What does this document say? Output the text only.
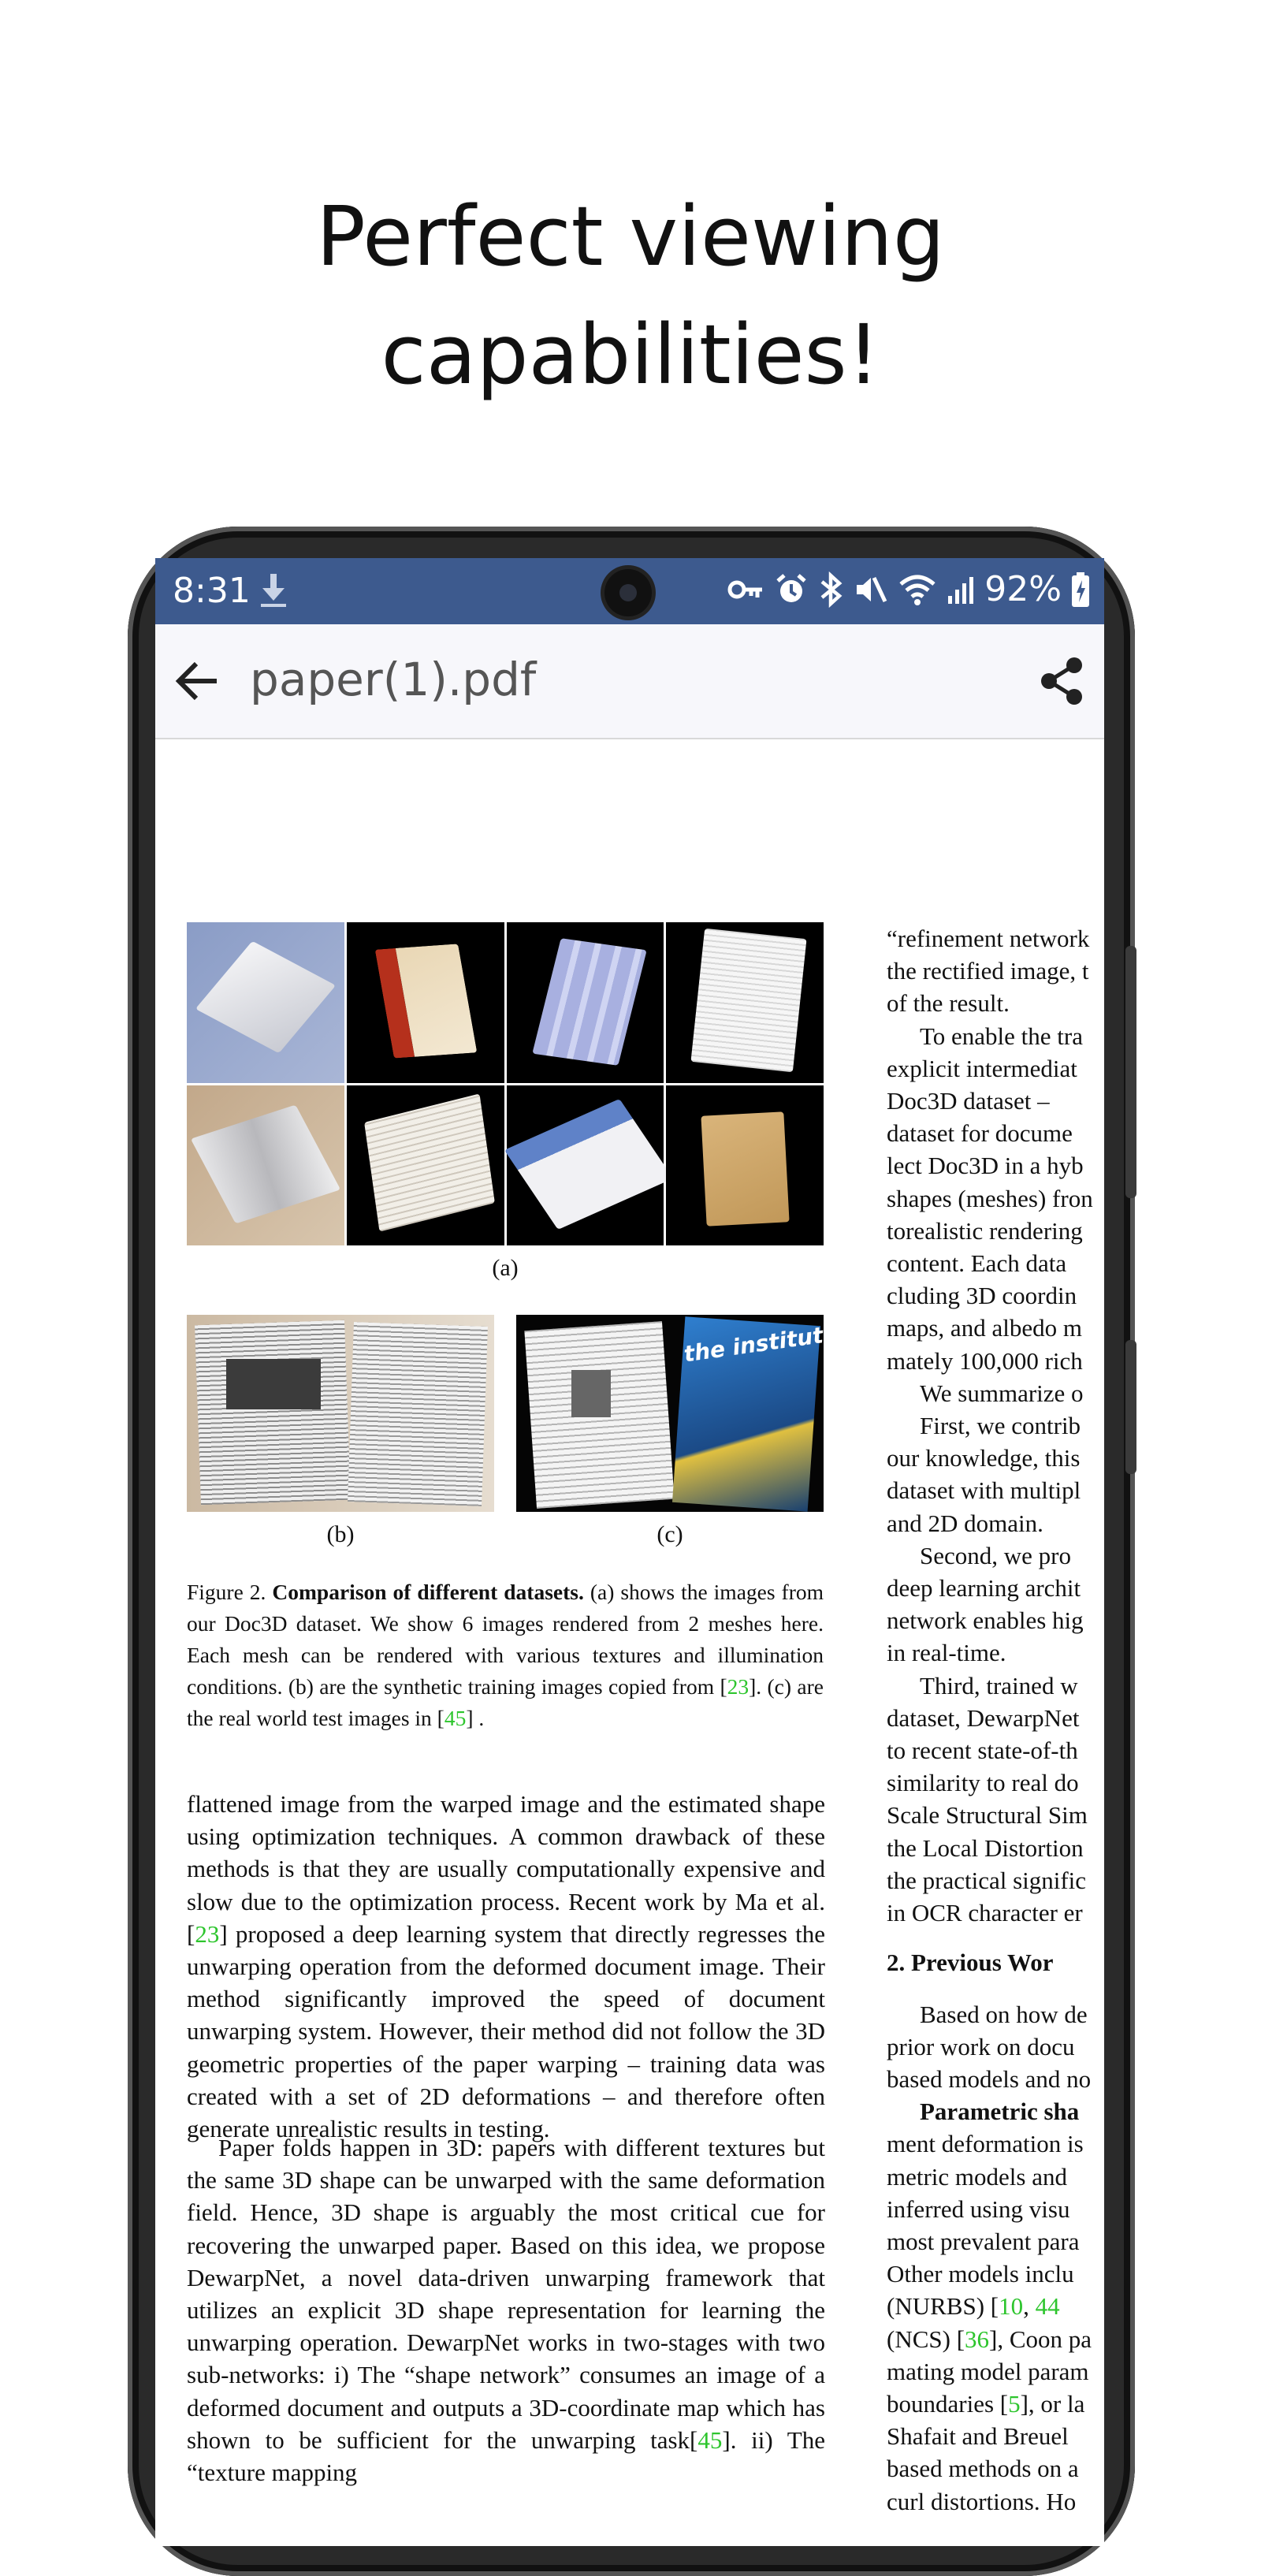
Perfect viewing
capabilities!
8:31	92%
paper(1).pdf
(a)
(b)
the institute
(c)
Figure 2. Comparison of different datasets. (a) shows the images from our Doc3D dataset. We show 6 images rendered from 2 meshes here. Each mesh can be rendered with various textures and illumination conditions. (b) are the synthetic training images copied from [23]. (c) are the real world test images in [45] .
flattened image from the warped image and the estimated shape using optimization techniques. A common drawback of these methods is that they are usually computationally expensive and slow due to the optimization process. Recent work by Ma et al. [23] proposed a deep learning system that directly regresses the unwarping operation from the deformed document image. Their method significantly improved the speed of document unwarping system. However, their method did not follow the 3D geometric properties of the paper warping – training data was created with a set of 2D deformations – and therefore often generate unrealistic results in testing.
Paper folds happen in 3D: papers with different textures but the same 3D shape can be unwarped with the same deformation field. Hence, 3D shape is arguably the most critical cue for recovering the unwarped paper. Based on this idea, we propose DewarpNet, a novel data-driven unwarping framework that utilizes an explicit 3D shape representation for learning the unwarping operation. DewarpNet works in two-stages with two sub-networks: i) The “shape network” consumes an image of a deformed document and outputs a 3D-coordinate map which has shown to be sufficient for the unwarping task[45]. ii) The “texture mapping
“refinement network
the rectified image, t
of the result.
To enable the tra
explicit intermediat
Doc3D dataset –
dataset for docume
lect Doc3D in a hyb
shapes (meshes) fron
torealistic rendering
content. Each data
cluding 3D coordin
maps, and albedo m
mately 100,000 rich
We summarize o
First, we contrib
our knowledge, this
dataset with multipl
and 2D domain.
Second, we pro
deep learning archit
network enables hig
in real-time.
Third, trained w
dataset, DewarpNet
to recent state-of-th
similarity to real do
Scale Structural Sim
the Local Distortion
the practical signific
in OCR character er
2. Previous Wor
Based on how de
prior work on docu
based models and no
Parametric sha
ment deformation is
metric models and
inferred using visu
most prevalent para
Other models inclu
(NURBS) [10, 44
(NCS) [36], Coon pa
mating model param
boundaries [5], or la
Shafait and Breuel
based methods on a
curl distortions. Ho
